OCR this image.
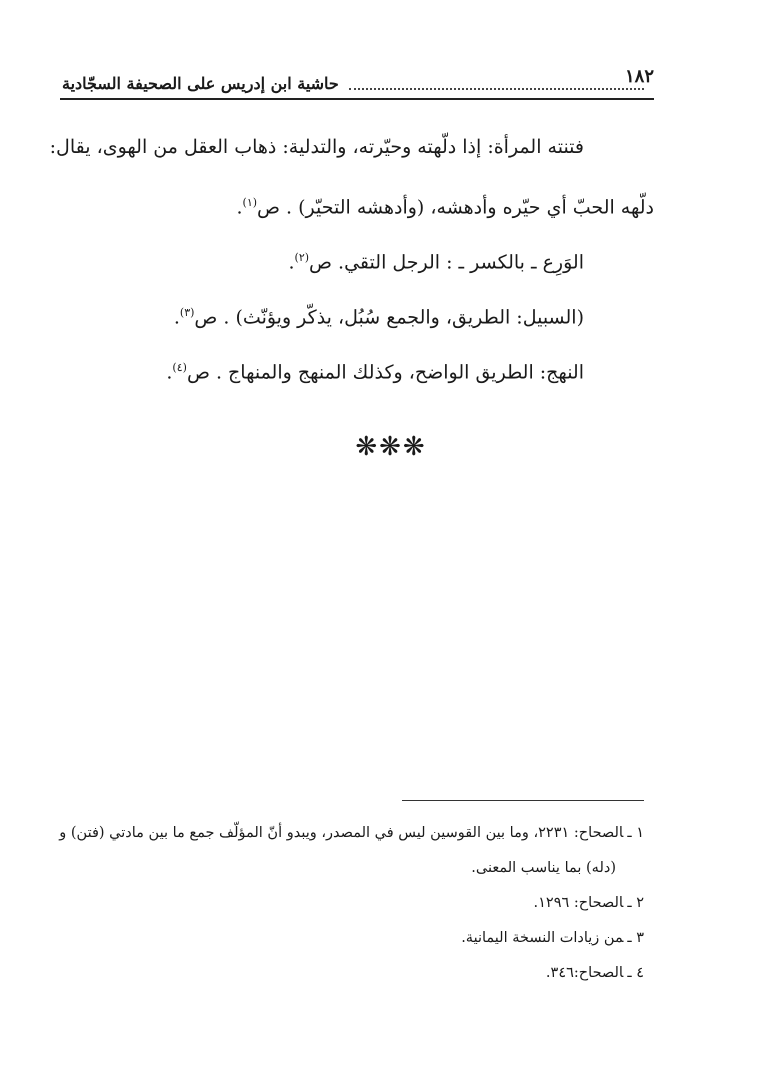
١٨٢
حاشية ابن إدريس على الصحيفة السجّادية

فتنته المرأة: إذا دلّهته وحيّرته، والتدلية: ذهاب العقل من الهوى، يقال:

دلّهه الحبّ أي حيّره وأدهشه، (وأدهشه التحيّر) . ص$^{(١)}$.

الوَرِع ـ بالكسر ـ : الرجل التقي. ص$^{(٢)}$.

(السبيل: الطريق، والجمع سُبُل، يذكّر ويؤنّث) . ص$^{(٣)}$.

النهج: الطريق الواضح، وكذلك المنهج والمنهاج . ص$^{(٤)}$.

❋❋❋

١ ـالصحاح: ٢٢٣١، وما بين القوسين ليس في المصدر، ويبدو أنّ المؤلّف جمع ما بين مادتي (فتن) و

(دله) بما يناسب المعنى.

٢ ـالصحاح: ١٢٩٦.

٣ ـمن زيادات النسخة اليمانية.

٤ ـالصحاح:٣٤٦.
